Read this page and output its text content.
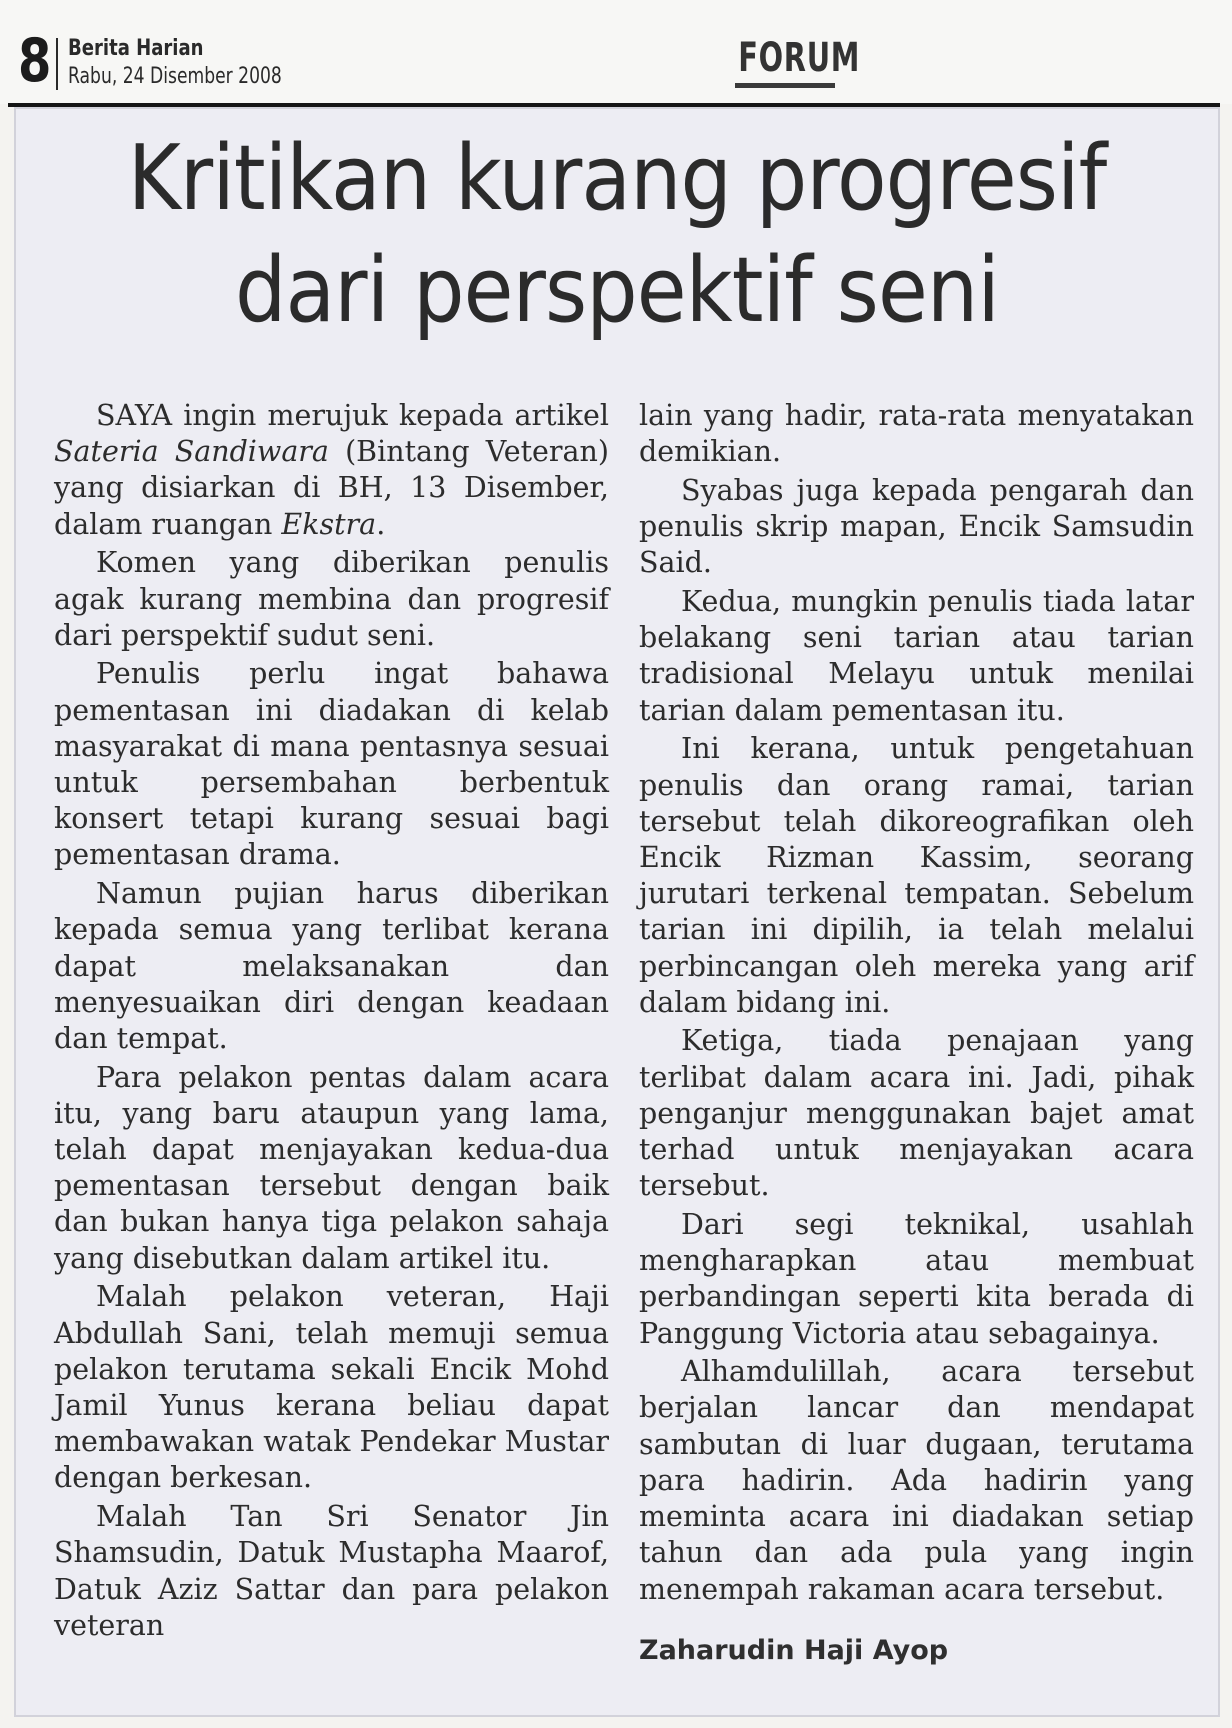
8 Berita Harian
Rabu, 24 Disember 2008	FORUM
Kritikan kurang progresif
dari perspektif seni

SAYA ingin merujuk kepada artikel Sateria Sandiwara (Bintang Veteran) yang disiarkan di BH, 13 Disember, dalam ruangan Ekstra.

Komen yang diberikan penulis agak kurang membina dan progresif dari perspektif sudut seni.

Penulis perlu ingat bahawa pementasan ini diadakan di kelab masyarakat di mana pentasnya sesuai untuk persembahan berbentuk konsert tetapi kurang sesuai bagi pementasan drama.

Namun pujian harus diberikan kepada semua yang terlibat kerana dapat melaksanakan dan menyesuaikan diri dengan keadaan dan tempat.

Para pelakon pentas dalam acara itu, yang baru ataupun yang lama, telah dapat menjayakan kedua-dua pementasan tersebut dengan baik dan bukan hanya tiga pelakon sahaja yang disebutkan dalam artikel itu.

Malah pelakon veteran, Haji Abdullah Sani, telah memuji semua pelakon terutama sekali Encik Mohd Jamil Yunus kerana beliau dapat membawakan watak Pendekar Mustar dengan berkesan.

Malah Tan Sri Senator Jin Shamsudin, Datuk Mustapha Maarof, Datuk Aziz Sattar dan para pelakon veteran

lain yang hadir, rata-rata menyatakan demikian.

Syabas juga kepada pengarah dan penulis skrip mapan, Encik Samsudin Said.

Kedua, mungkin penulis tiada latar belakang seni tarian atau tarian tradisional Melayu untuk menilai tarian dalam pementasan itu.

Ini kerana, untuk pengetahuan penulis dan orang ramai, tarian tersebut telah dikoreografikan oleh Encik Rizman Kassim, seorang jurutari terkenal tempatan. Sebelum tarian ini dipilih, ia telah melalui perbincangan oleh mereka yang arif dalam bidang ini.

Ketiga, tiada penajaan yang terlibat dalam acara ini. Jadi, pihak penganjur menggunakan bajet amat terhad untuk menjayakan acara tersebut.

Dari segi teknikal, usahlah mengharapkan atau membuat perbandingan seperti kita berada di Panggung Victoria atau sebagainya.

Alhamdulillah, acara tersebut berjalan lancar dan mendapat sambutan di luar dugaan, terutama para hadirin. Ada hadirin yang meminta acara ini diadakan setiap tahun dan ada pula yang ingin menempah rakaman acara tersebut.

Zaharudin Haji Ayop
